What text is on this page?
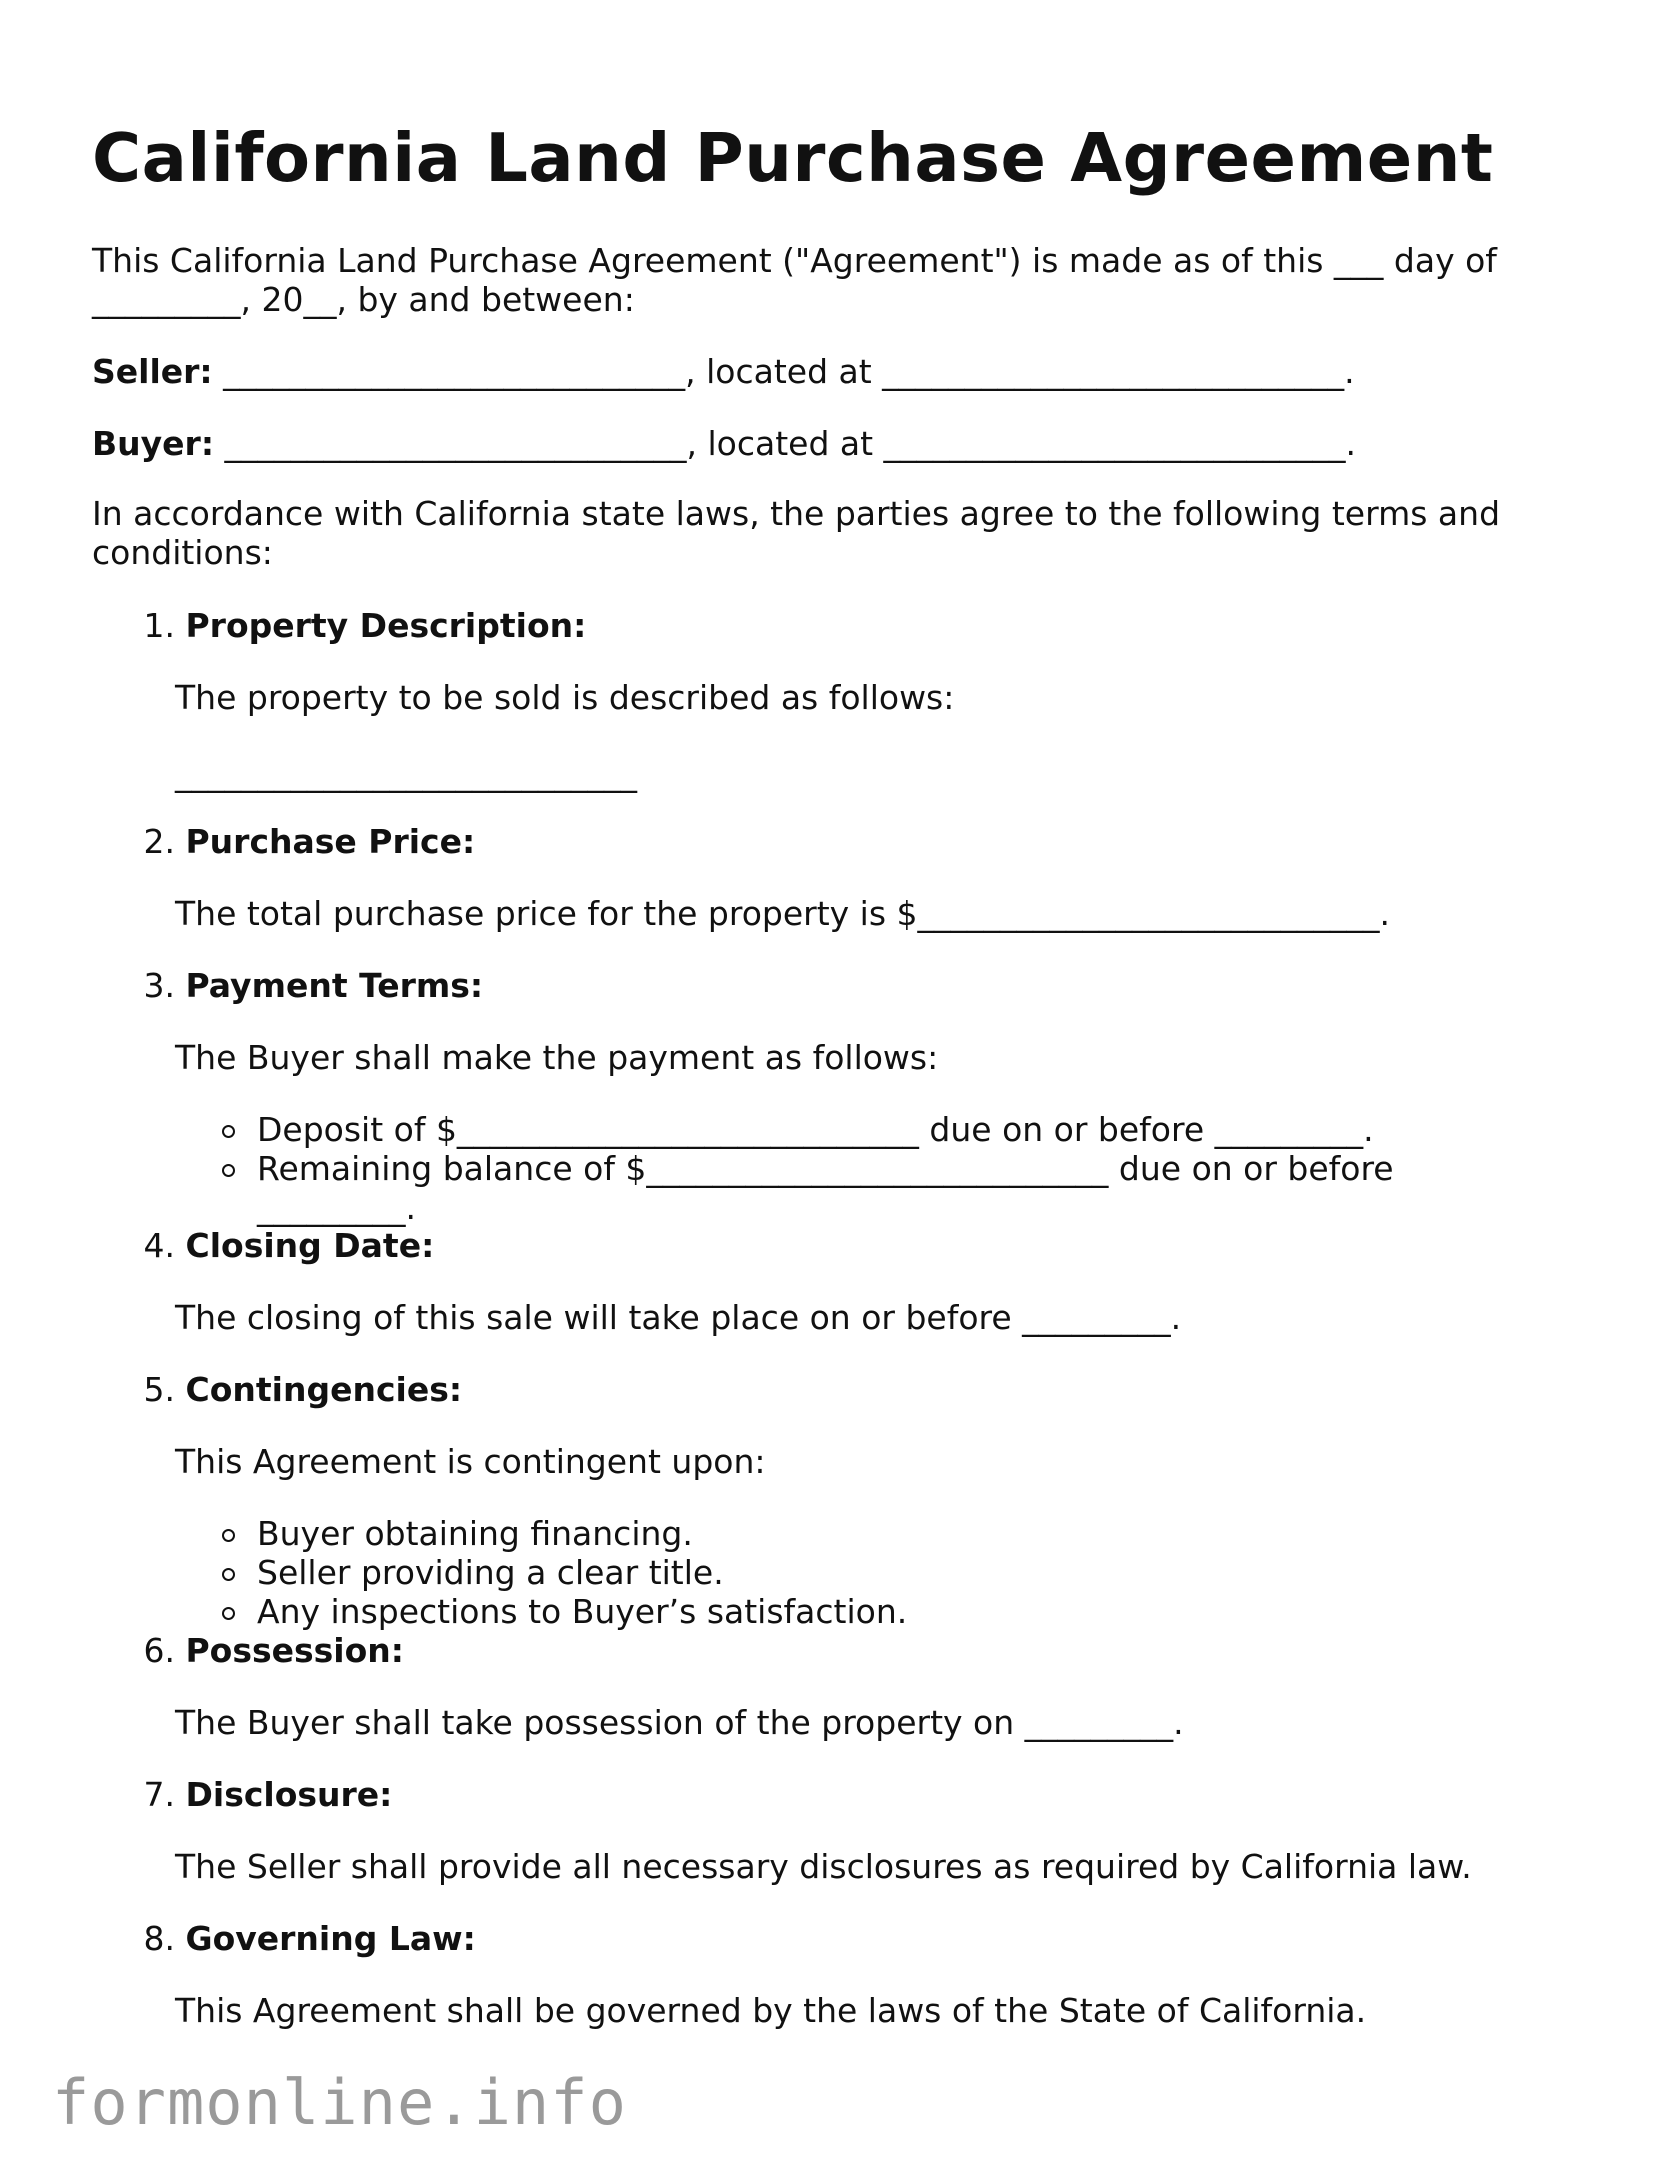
California Land Purchase Agreement

This California Land Purchase Agreement ("Agreement") is made as of this ___ day of
_________, 20__, by and between:

Seller: ____________________________, located at ____________________________.

Buyer: ____________________________, located at ____________________________.

In accordance with California state laws, the parties agree to the following terms and
conditions:

1. Property Description:
The property to be sold is described as follows:
____________________________
2. Purchase Price:
The total purchase price for the property is $____________________________.
3. Payment Terms:
The Buyer shall make the payment as follows:
Deposit of $____________________________ due on or before _________.
Remaining balance of $____________________________ due on or before
_________.
4. Closing Date:
The closing of this sale will take place on or before _________.
5. Contingencies:
This Agreement is contingent upon:
Buyer obtaining financing.
Seller providing a clear title.
Any inspections to Buyer’s satisfaction.
6. Possession:
The Buyer shall take possession of the property on _________.
7. Disclosure:
The Seller shall provide all necessary disclosures as required by California law.
8. Governing Law:
This Agreement shall be governed by the laws of the State of California.
formonline.info
